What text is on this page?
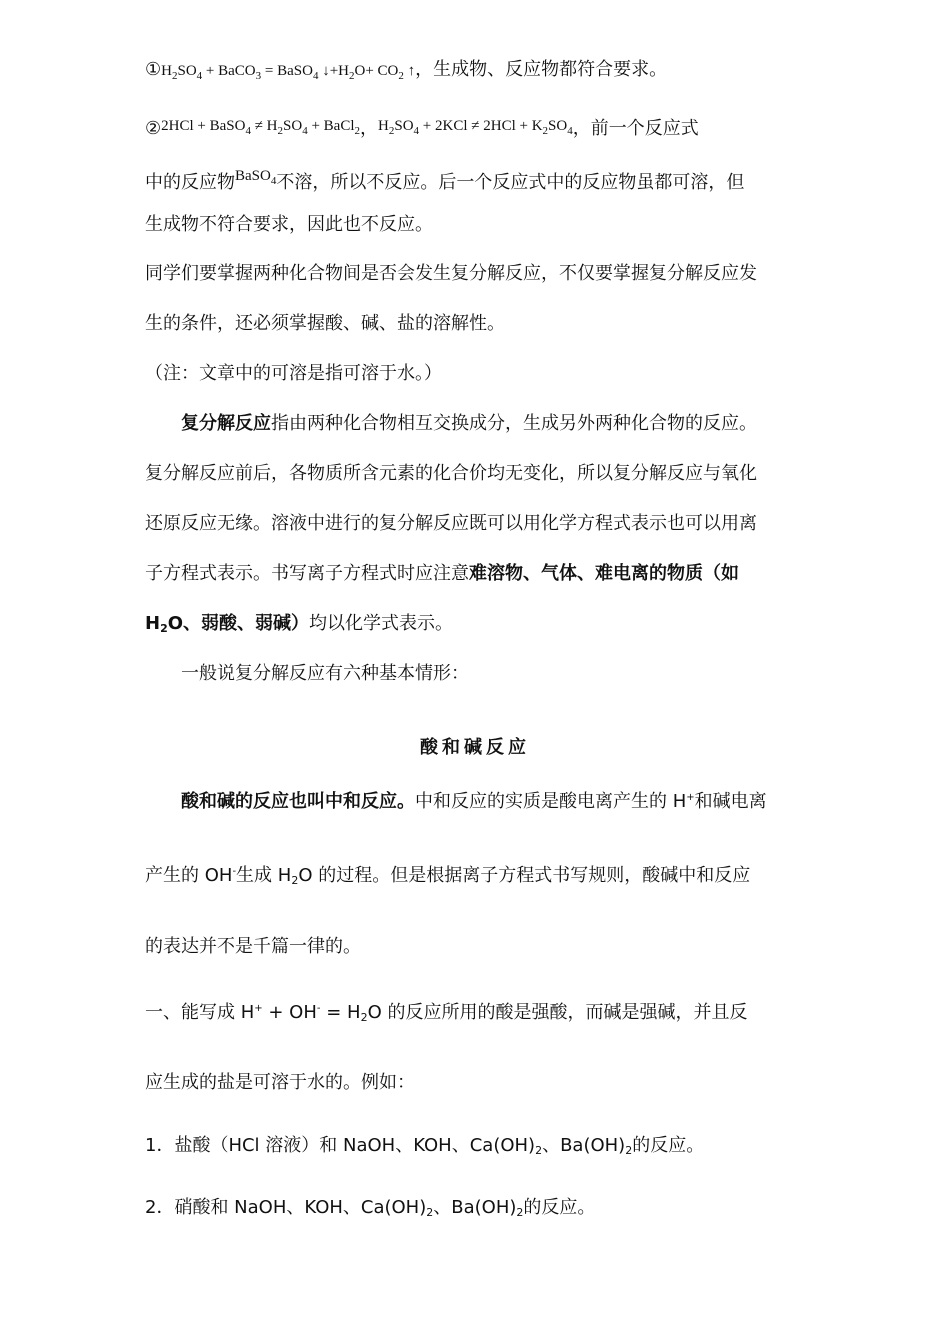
$①H_2SO_4$ + BaCO$_3$ = BaSO$_4$ $↓+H_2O+ CO_2$ ↑，生成物、反应物都符合要求。
②$^{2HCl + BaSO_4 \ne H_2SO_4 + BaCl_2}$，$^{H_2SO_4 + 2KCl \ne 2HCl + K_2SO_4}$，前一个反应式
中的反应物$^{BaSO_4}$不溶，所以不反应。后一个反应式中的反应物虽都可溶，但
生成物不符合要求，因此也不反应。
同学们要掌握两种化合物间是否会发生复分解反应，不仅要掌握复分解反应发
生的条件，还必须掌握酸、碱、盐的溶解性。
（注：文章中的可溶是指可溶于水。）
复分解反应指由两种化合物相互交换成分，生成另外两种化合物的反应。
复分解反应前后，各物质所含元素的化合价均无变化，所以复分解反应与氧化
还原反应无缘。溶液中进行的复分解反应既可以用化学方程式表示也可以用离
子方程式表示。书写离子方程式时应注意难溶物、气体、难电离的物质（如
H2O、弱酸、弱碱）均以化学式表示。
一般说复分解反应有六种基本情形：
酸和碱反应
酸和碱的反应也叫中和反应。中和反应的实质是酸电离产生的 H+和碱电离
产生的 OH-生成 H2O 的过程。但是根据离子方程式书写规则，酸碱中和反应
的表达并不是千篇一律的。
一、能写成 H+ + OH- = H2O 的反应所用的酸是强酸，而碱是强碱，并且反
应生成的盐是可溶于水的。例如：
1．盐酸（HCl 溶液）和 NaOH、KOH、Ca(OH)2、Ba(OH)2的反应。
2．硝酸和 NaOH、KOH、Ca(OH)2、Ba(OH)2的反应。
